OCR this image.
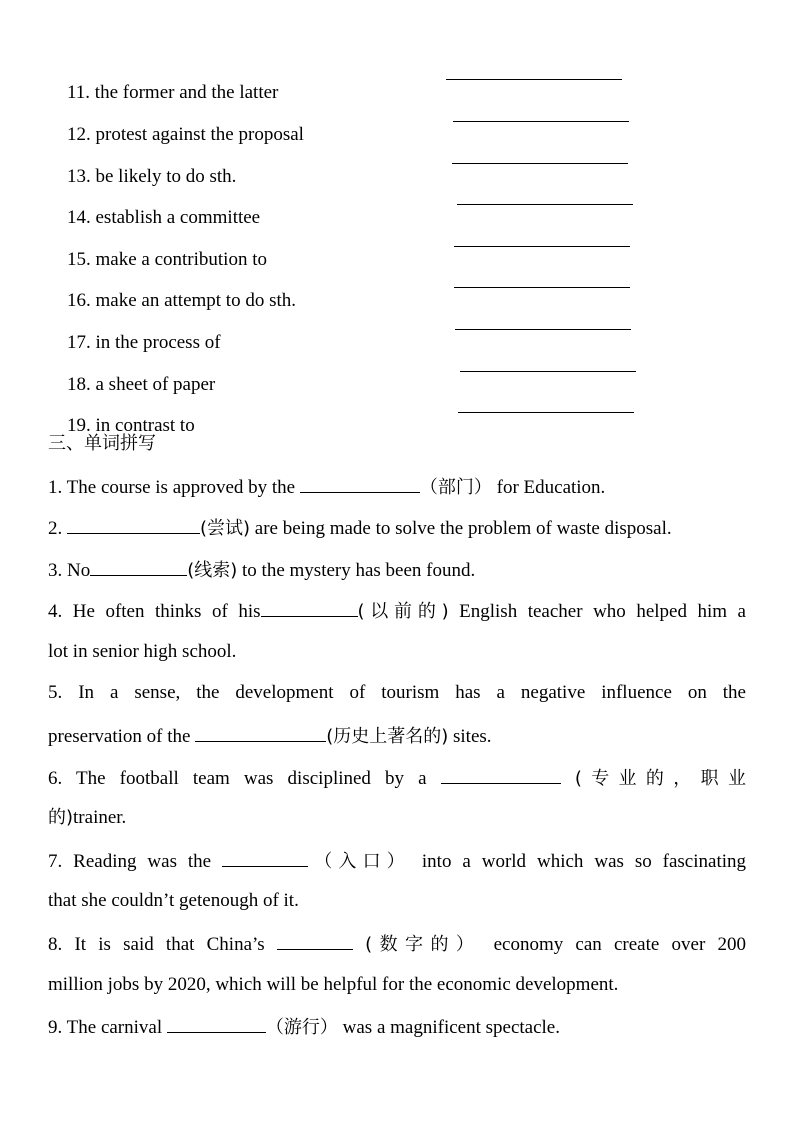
11. the former and the latter

12. protest against the proposal

13. be likely to do sth.

14. establish a committee

15. make a contribution to

16. make an attempt to do sth.

17. in the process of

18. a sheet of paper

19. in contrast to

三、单词拼写
1. The course is approved by the	（部门） for Education.
2.	(尝试) are being made to solve the problem of waste disposal.
3. No	(线索) to the mystery has been found.
4. He often thinks of his	(以前的) English teacher who helped him a
lot in senior high school.
5. In a sense, the development of tourism has a negative influence on the
preservation of the	(历史上著名的) sites.
6. The football team was disciplined by a	(专业的，职业
的)trainer.
7. Reading was the	（入口） into a world which was so fascinating
that she couldn’t getenough of it.
8. It is said that China’s	(数字的） economy can create over 200
million jobs by 2020, which will be helpful for the economic development.
9. The carnival	（游行） was a magnificent spectacle.
